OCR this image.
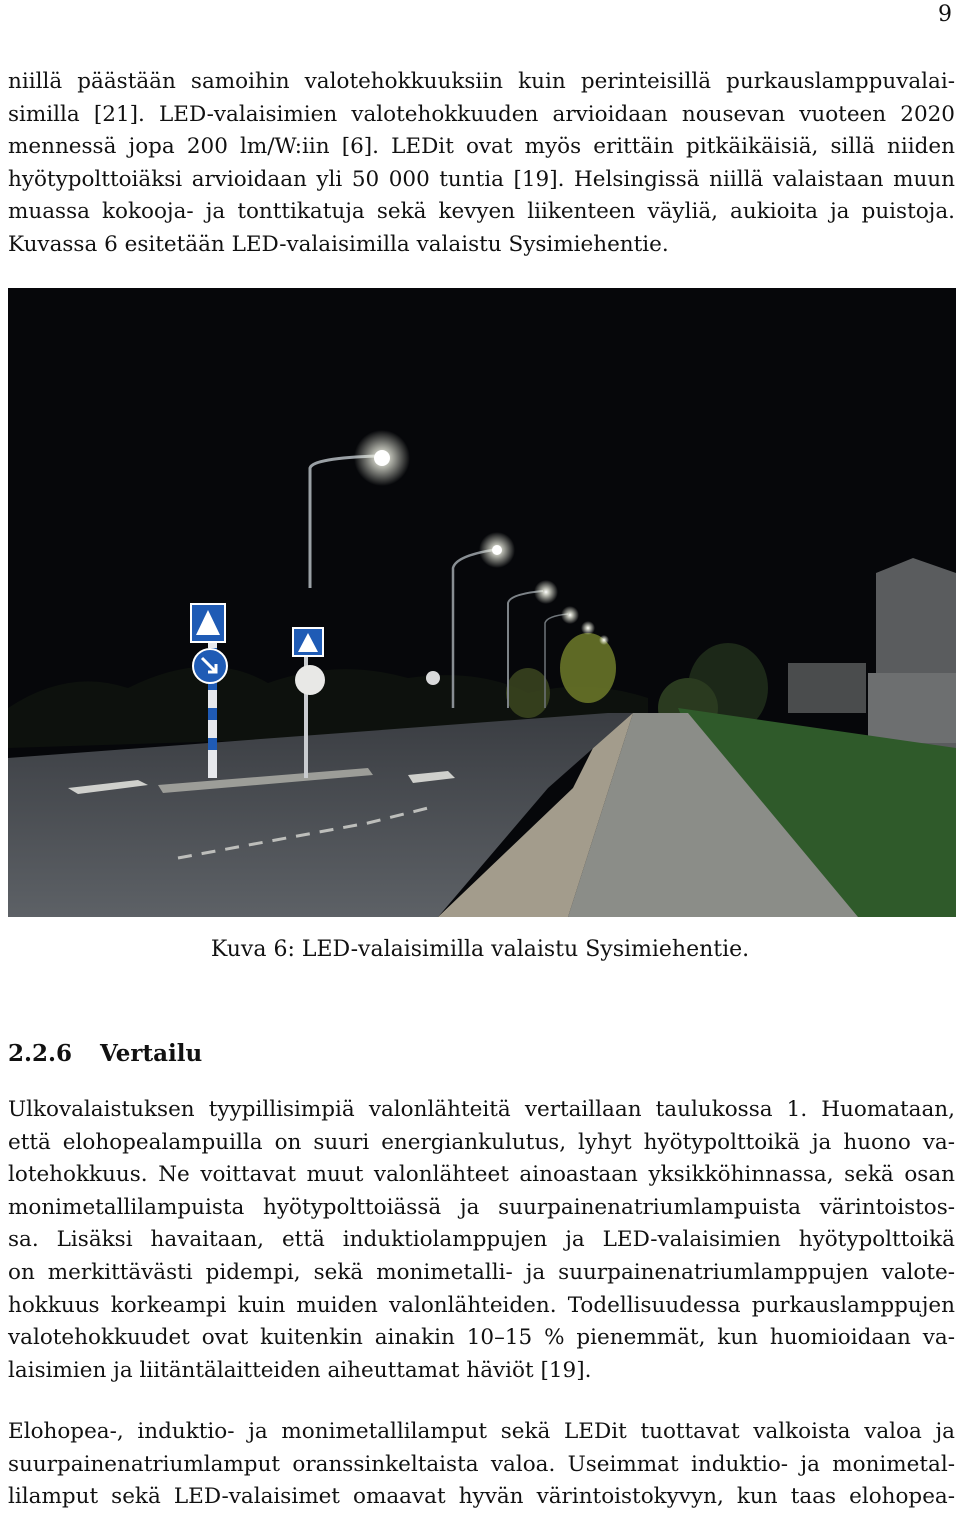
9
niillä päästään samoihin valotehokkuuksiin kuin perinteisillä purkauslamppuvalai-
similla [21]. LED-valaisimien valotehokkuuden arvioidaan nousevan vuoteen 2020
mennessä jopa 200 lm/W:iin [6]. LEDit ovat myös erittäin pitkäikäisiä, sillä niiden
hyötypolttoiäksi arvioidaan yli 50 000 tuntia [19]. Helsingissä niillä valaistaan muun
muassa kokooja- ja tonttikatuja sekä kevyen liikenteen väyliä, aukioita ja puistoja.
Kuvassa 6 esitetään LED-valaisimilla valaistu Sysimiehentie.
Kuva 6: LED-valaisimilla valaistu Sysimiehentie.
2.2.6 Vertailu
Ulkovalaistuksen tyypillisimpiä valonlähteitä vertaillaan taulukossa 1. Huomataan,
että elohopealampuilla on suuri energiankulutus, lyhyt hyötypolttoikä ja huono va-
lotehokkuus. Ne voittavat muut valonlähteet ainoastaan yksikköhinnassa, sekä osan
monimetallilampuista hyötypolttoiässä ja suurpainenatriumlampuista värintoistos-
sa. Lisäksi havaitaan, että induktiolamppujen ja LED-valaisimien hyötypolttoikä
on merkittävästi pidempi, sekä monimetalli- ja suurpainenatriumlamppujen valote-
hokkuus korkeampi kuin muiden valonlähteiden. Todellisuudessa purkauslamppujen
valotehokkuudet ovat kuitenkin ainakin 10–15 % pienemmät, kun huomioidaan va-
laisimien ja liitäntälaitteiden aiheuttamat häviöt [19].
Elohopea-, induktio- ja monimetallilamput sekä LEDit tuottavat valkoista valoa ja
suurpainenatriumlamput oranssinkeltaista valoa. Useimmat induktio- ja monimetal-
lilamput sekä LED-valaisimet omaavat hyvän värintoistokyvyn, kun taas elohopea-
